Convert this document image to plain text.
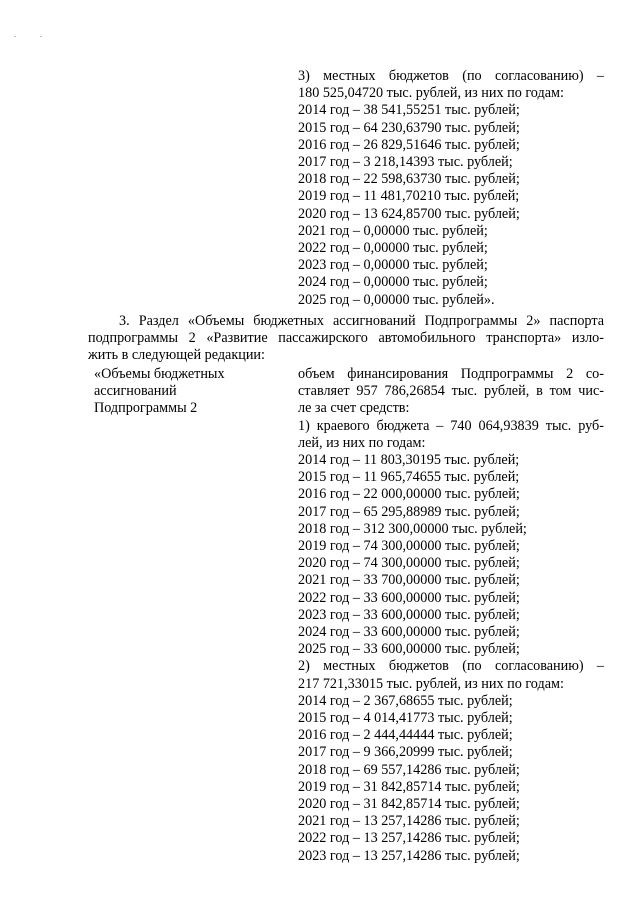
3) местных бюджетов (по согласованию) –
180 525,04720 тыс. рублей, из них по годам:
2014 год – 38 541,55251 тыс. рублей;
2015 год – 64 230,63790 тыс. рублей;
2016 год – 26 829,51646 тыс. рублей;
2017 год – 3 218,14393 тыс. рублей;
2018 год – 22 598,63730 тыс. рублей;
2019 год – 11 481,70210 тыс. рублей;
2020 год – 13 624,85700 тыс. рублей;
2021 год – 0,00000 тыс. рублей;
2022 год – 0,00000 тыс. рублей;
2023 год – 0,00000 тыс. рублей;
2024 год – 0,00000 тыс. рублей;
2025 год – 0,00000 тыс. рублей».
3. Раздел «Объемы бюджетных ассигнований Подпрограммы 2» паспорта
подпрограммы 2 «Развитие пассажирского автомобильного транспорта» изло-
жить в следующей редакции:
«Объемы бюджетных
ассигнований
Подпрограммы 2
объем финансирования Подпрограммы 2 со-
ставляет 957 786,26854 тыс. рублей, в том чис-
ле за счет средств:
1) краевого бюджета – 740 064,93839 тыс. руб-
лей, из них по годам:
2014 год – 11 803,30195 тыс. рублей;
2015 год – 11 965,74655 тыс. рублей;
2016 год – 22 000,00000 тыс. рублей;
2017 год – 65 295,88989 тыс. рублей;
2018 год – 312 300,00000 тыс. рублей;
2019 год – 74 300,00000 тыс. рублей;
2020 год – 74 300,00000 тыс. рублей;
2021 год – 33 700,00000 тыс. рублей;
2022 год – 33 600,00000 тыс. рублей;
2023 год – 33 600,00000 тыс. рублей;
2024 год – 33 600,00000 тыс. рублей;
2025 год – 33 600,00000 тыс. рублей;
2) местных бюджетов (по согласованию) –
217 721,33015 тыс. рублей, из них по годам:
2014 год – 2 367,68655 тыс. рублей;
2015 год – 4 014,41773 тыс. рублей;
2016 год – 2 444,44444 тыс. рублей;
2017 год – 9 366,20999 тыс. рублей;
2018 год – 69 557,14286 тыс. рублей;
2019 год – 31 842,85714 тыс. рублей;
2020 год – 31 842,85714 тыс. рублей;
2021 год – 13 257,14286 тыс. рублей;
2022 год – 13 257,14286 тыс. рублей;
2023 год – 13 257,14286 тыс. рублей;
